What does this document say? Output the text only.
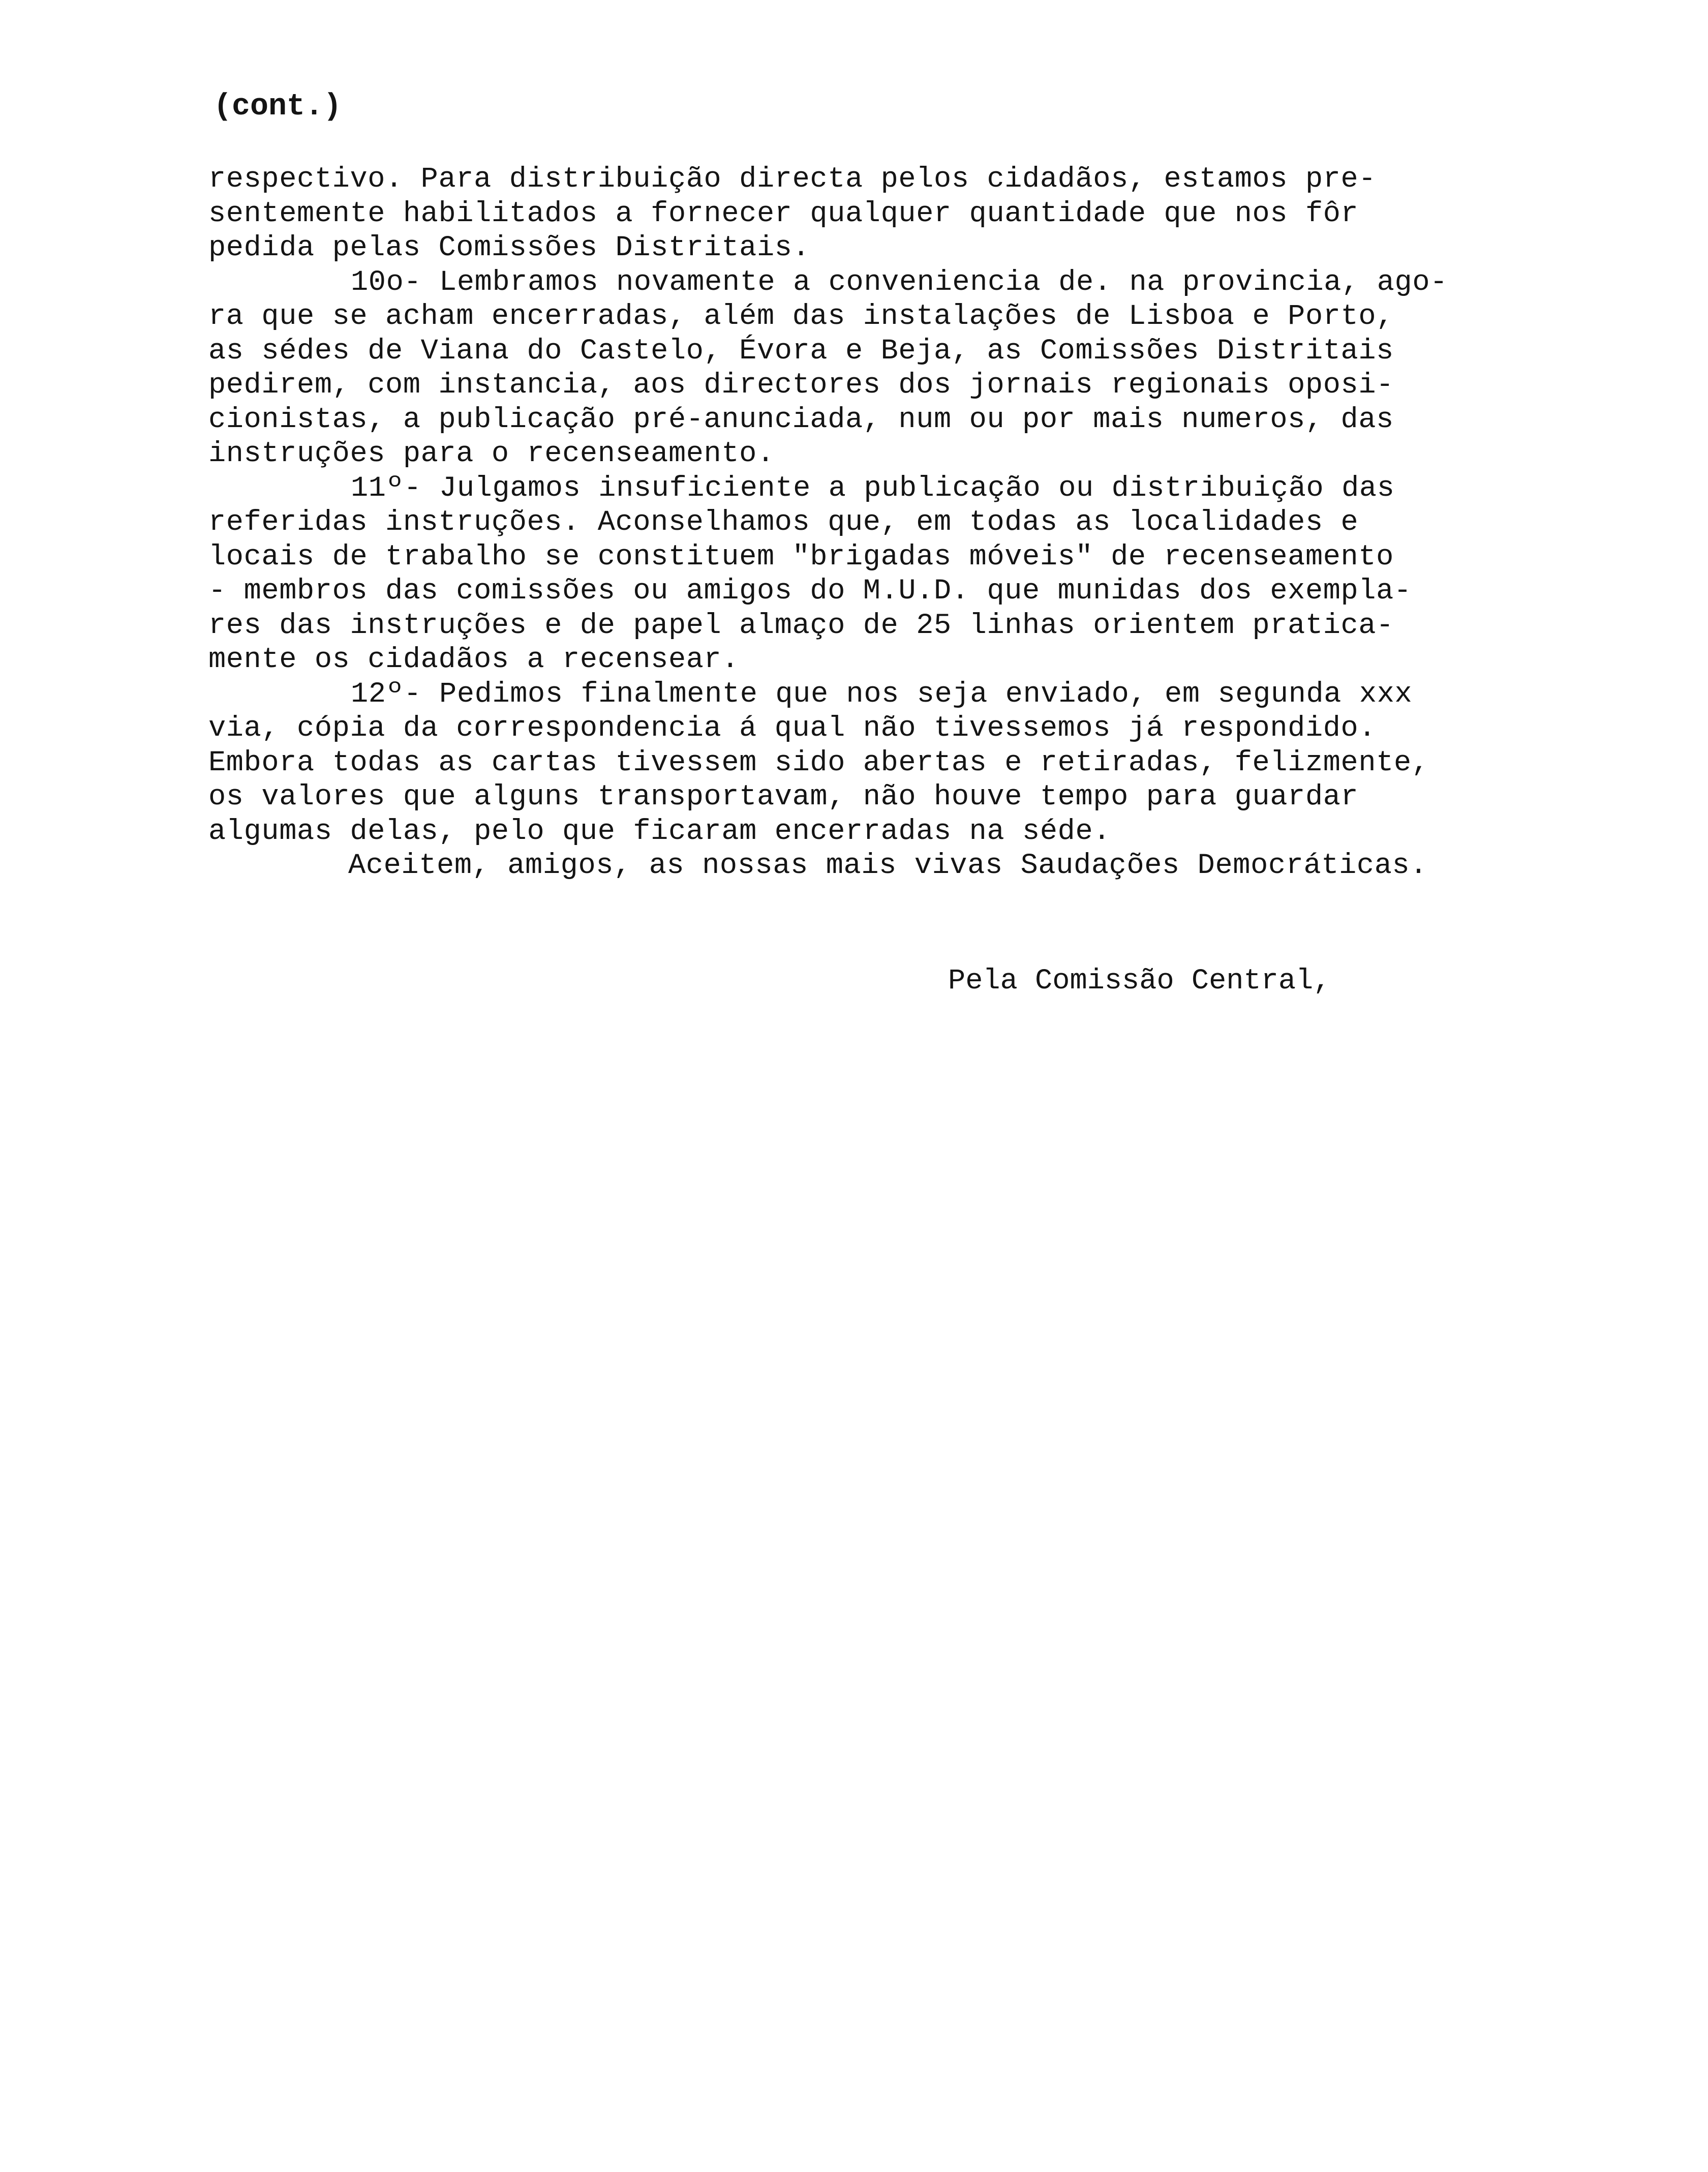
(cont.)
respectivo. Para distribuição directa pelos cidadãos, estamos pre-
sentemente habilitados a fornecer qualquer quantidade que nos fôr
pedida pelas Comissões Distritais.
10o- Lembramos novamente a conveniencia de. na provincia, ago-
ra que se acham encerradas, além das instalações de Lisboa e Porto,
as sédes de Viana do Castelo, Évora e Beja, as Comissões Distritais
pedirem, com instancia, aos directores dos jornais regionais oposi-
cionistas, a publicação pré-anunciada, num ou por mais numeros, das
instruções para o recenseamento.
11º- Julgamos insuficiente a publicação ou distribuição das
referidas instruções. Aconselhamos que, em todas as localidades e
locais de trabalho se constituem "brigadas móveis" de recenseamento
- membros das comissões ou amigos do M.U.D. que munidas dos exempla-
res das instruções e de papel almaço de 25 linhas orientem pratica-
mente os cidadãos a recensear.
12º- Pedimos finalmente que nos seja enviado, em segunda xxx
via, cópia da correspondencia á qual não tivessemos já respondido.
Embora todas as cartas tivessem sido abertas e retiradas, felizmente,
os valores que alguns transportavam, não houve tempo para guardar
algumas delas, pelo que ficaram encerradas na séde.
Aceitem, amigos, as nossas mais vivas Saudações Democráticas.
Pela Comissão Central,
